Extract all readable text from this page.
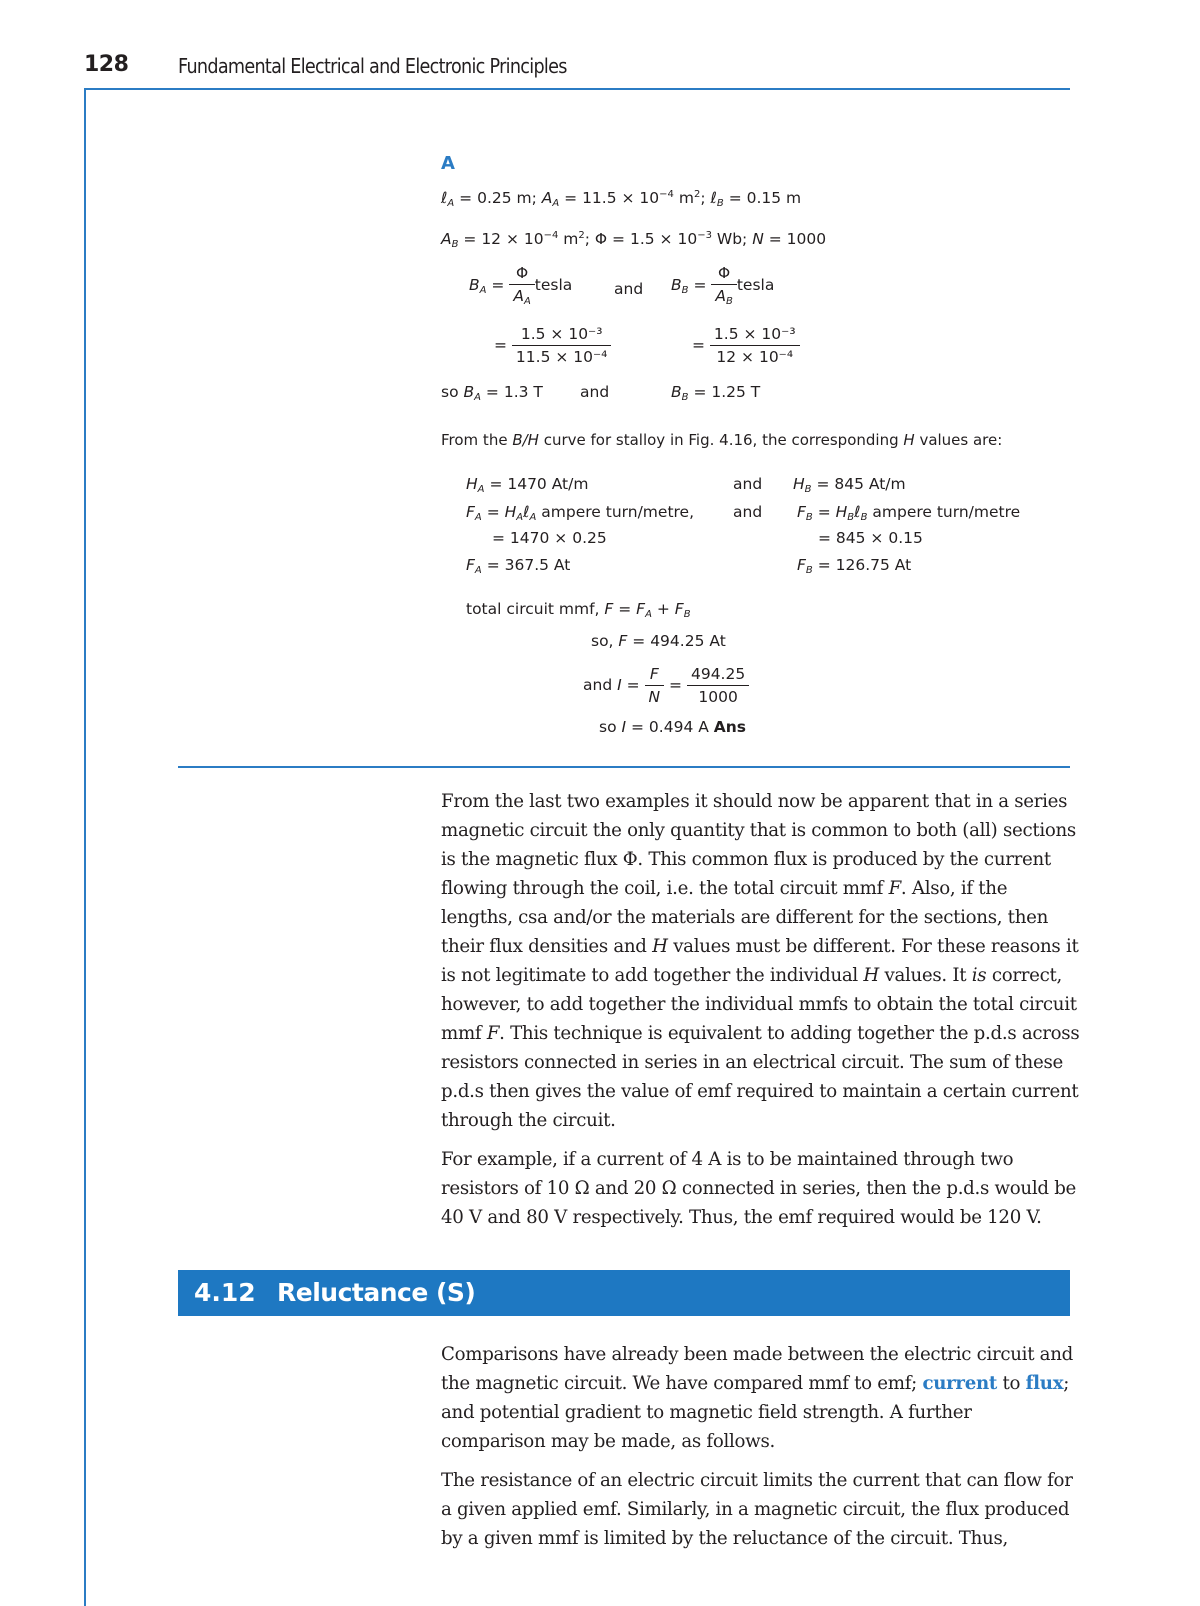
128 Fundamental Electrical and Electronic Principles
A
ℓ$_A$ = 0.25 m; $A_A = 11.5 \times 10^{-4}$ $m^2$; ℓ$_B$ = 0.15 m
$A_B = 12 \times 10^{-4}$ $m^2$; $\Phi = 1.5 \times 10^{-3}$ Wb; N = 1000
$B_A = \frac{\Phi}{A_A}$ tesla	and $B_B = \frac{\Phi}{A_B}$ tesla
= $\frac{\text{1.5 × 10⁻³}}{\text{11.5 × 10⁻⁴}}$	= $\frac{\text{1.5 × 10⁻³}}{\text{12 × 10⁻⁴}}$
so $B_A = 1.3$ T and	$B_B = 1.25$ T
From the B/H curve for stalloy in Fig. 4.16, the corresponding H values are:
$H_A = 1470$ At/m	and $H_B = 845$ At/m
$F_A$ = $H_A\ell_A$ ampere turn/metre,	and $F_B$ = $H_B\ell_B$ ampere turn/metre
= 1470 × 0.25	= 845 × 0.15
$F_A = 367.5$ At	$F_B = 126.75$ At
total circuit mmf, $F = F_A + F_B$
so, F = 494.25 At
and $I = \frac{F}{N} = \frac{494.25}{1000}$
so I = 0.494 A Ans

From the last two examples it should now be apparent that in a series magnetic circuit the only quantity that is common to both (all) sections is the magnetic flux Φ. This common flux is produced by the current flowing through the coil, i.e. the total circuit mmf F. Also, if the lengths, csa and/or the materials are different for the sections, then their flux densities and H values must be different. For these reasons it is not legitimate to add together the individual H values. It is correct, however, to add together the individual mmfs to obtain the total circuit mmf F. This technique is equivalent to adding together the p.d.s across resistors connected in series in an electrical circuit. The sum of these p.d.s then gives the value of emf required to maintain a certain current through the circuit.

For example, if a current of 4 A is to be maintained through two resistors of 10 Ω and 20 Ω connected in series, then the p.d.s would be 40 V and 80 V respectively. Thus, the emf required would be 120 V.

4.12 Reluctance (S)

Comparisons have already been made between the electric circuit and the magnetic circuit. We have compared mmf to emf; current to flux; and potential gradient to magnetic field strength. A further comparison may be made, as follows.

The resistance of an electric circuit limits the current that can flow for a given applied emf. Similarly, in a magnetic circuit, the flux produced by a given mmf is limited by the reluctance of the circuit. Thus,
